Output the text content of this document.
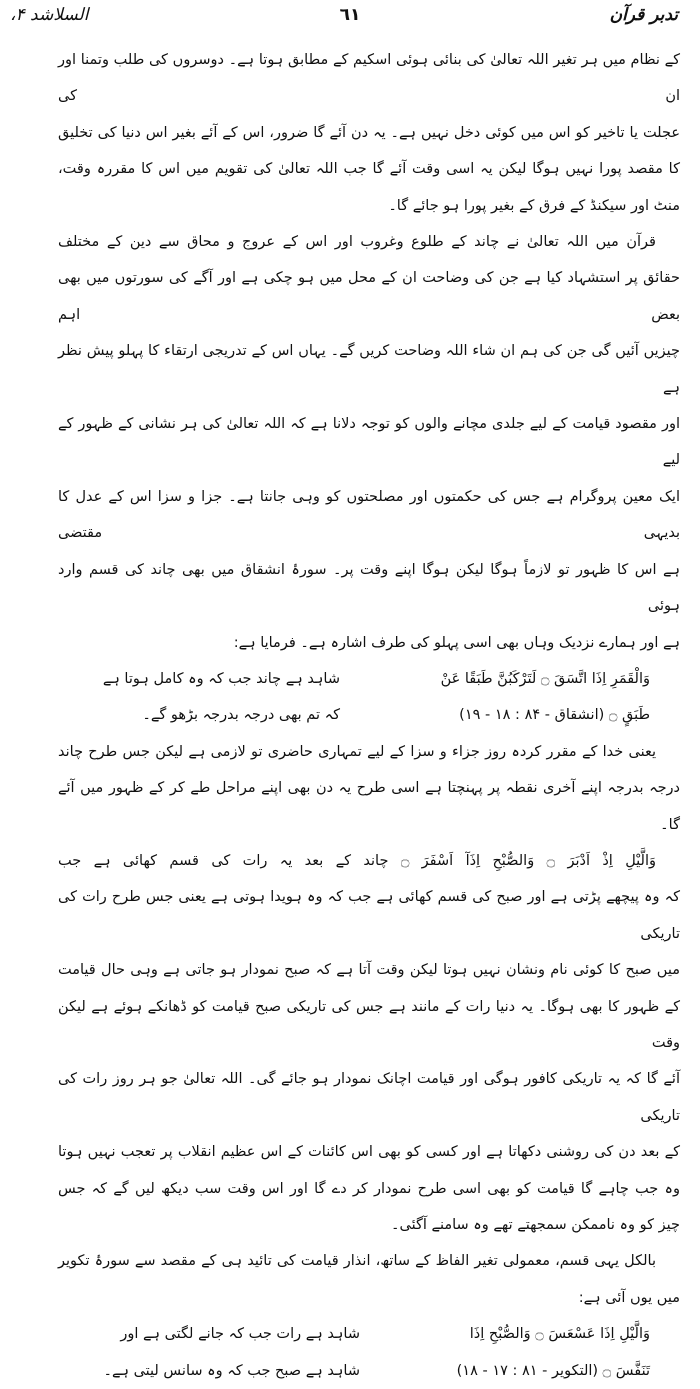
تدبر قرآن
٦١
السلاشد ۴،
کے نظام میں ہر تغیر اللہ تعالیٰ کی بنائی ہوئی اسکیم کے مطابق ہوتا ہے۔ دوسروں کی طلب وتمنا اور ان کی
عجلت یا تاخیر کو اس میں کوئی دخل نہیں ہے۔ یہ دن آئے گا ضرور، اس کے آئے بغیر اس دنیا کی تخلیق
کا مقصد پورا نہیں ہوگا لیکن یہ اسی وقت آئے گا جب اللہ تعالیٰ کی تقویم میں اس کا مقررہ وقت،
منٹ اور سیکنڈ کے فرق کے بغیر پورا ہو جائے گا۔
قرآن میں اللہ تعالیٰ نے چاند کے طلوع وغروب اور اس کے عروج و محاق سے دین کے مختلف
حقائق پر استشہاد کیا ہے جن کی وضاحت ان کے محل میں ہو چکی ہے اور آگے کی سورتوں میں بھی بعض اہم
چیزیں آئیں گی جن کی ہم ان شاء اللہ وضاحت کریں گے۔ یہاں اس کے تدریجی ارتقاء کا پہلو پیش نظر ہے
اور مقصود قیامت کے لیے جلدی مچانے والوں کو توجہ دلانا ہے کہ اللہ تعالیٰ کی ہر نشانی کے ظہور کے لیے
ایک معین پروگرام ہے جس کی حکمتوں اور مصلحتوں کو وہی جانتا ہے۔ جزا و سزا اس کے عدل کا بدیہی مقتضی
ہے اس کا ظہور تو لازماً ہوگا لیکن ہوگا اپنے وقت پر۔ سورۂ انشقاق میں بھی چاند کی قسم وارد ہوئی
ہے اور ہمارے نزدیک وہاں بھی اسی پہلو کی طرف اشارہ ہے۔ فرمایا ہے:
وَالْقَمَرِ اِذَا اتَّسَقَ ۝ لَتَرْكَبُنَّ طَبَقًا عَنْ
شاہد ہے چاند جب کہ وہ کامل ہوتا ہے
طَبَقٍ ۝ (انشقاق - ۸۴ : ۱۸ - ۱۹)
کہ تم بھی درجہ بدرجہ بڑھو گے۔
یعنی خدا کے مقرر کردہ روز جزاء و سزا کے لیے تمہاری حاضری تو لازمی ہے لیکن جس طرح چاند
درجہ بدرجہ اپنے آخری نقطہ پر پہنچتا ہے اسی طرح یہ دن بھی اپنے مراحل طے کر کے ظہور میں آئے گا۔
وَالَّيْلِ اِذْ اَدْبَرَ ۝ وَالصُّبْحِ اِذَآ اَسْفَرَ ۝ چاند کے بعد یہ رات کی قسم کھائی ہے جب
کہ وہ پیچھے پڑتی ہے اور صبح کی قسم کھائی ہے جب کہ وہ ہویدا ہوتی ہے یعنی جس طرح رات کی تاریکی
میں صبح کا کوئی نام ونشان نہیں ہوتا لیکن وقت آتا ہے کہ صبح نمودار ہو جاتی ہے وہی حال قیامت
کے ظہور کا بھی ہوگا۔ یہ دنیا رات کے مانند ہے جس کی تاریکی صبح قیامت کو ڈھانکے ہوئے ہے لیکن وقت
آئے گا کہ یہ تاریکی کافور ہوگی اور قیامت اچانک نمودار ہو جائے گی۔ اللہ تعالیٰ جو ہر روز رات کی تاریکی
کے بعد دن کی روشنی دکھاتا ہے اور کسی کو بھی اس کائنات کے اس عظیم انقلاب پر تعجب نہیں ہوتا
وہ جب چاہے گا قیامت کو بھی اسی طرح نمودار کر دے گا اور اس وقت سب دیکھ لیں گے کہ جس
چیز کو وہ ناممکن سمجھتے تھے وہ سامنے آگئی۔
بالکل یہی قسم، معمولی تغیر الفاظ کے ساتھ، انذار قیامت کی تائید ہی کے مقصد سے سورۂ تکویر
میں یوں آئی ہے:
وَالَّيْلِ اِذَا عَسْعَسَ ۝ وَالصُّبْحِ اِذَا
شاہد ہے رات جب کہ جانے لگتی ہے اور
تَنَفَّسَ ۝ (التکویر - ۸۱ : ۱۷ - ۱۸)
شاہد ہے صبح جب کہ وہ سانس لیتی ہے۔
